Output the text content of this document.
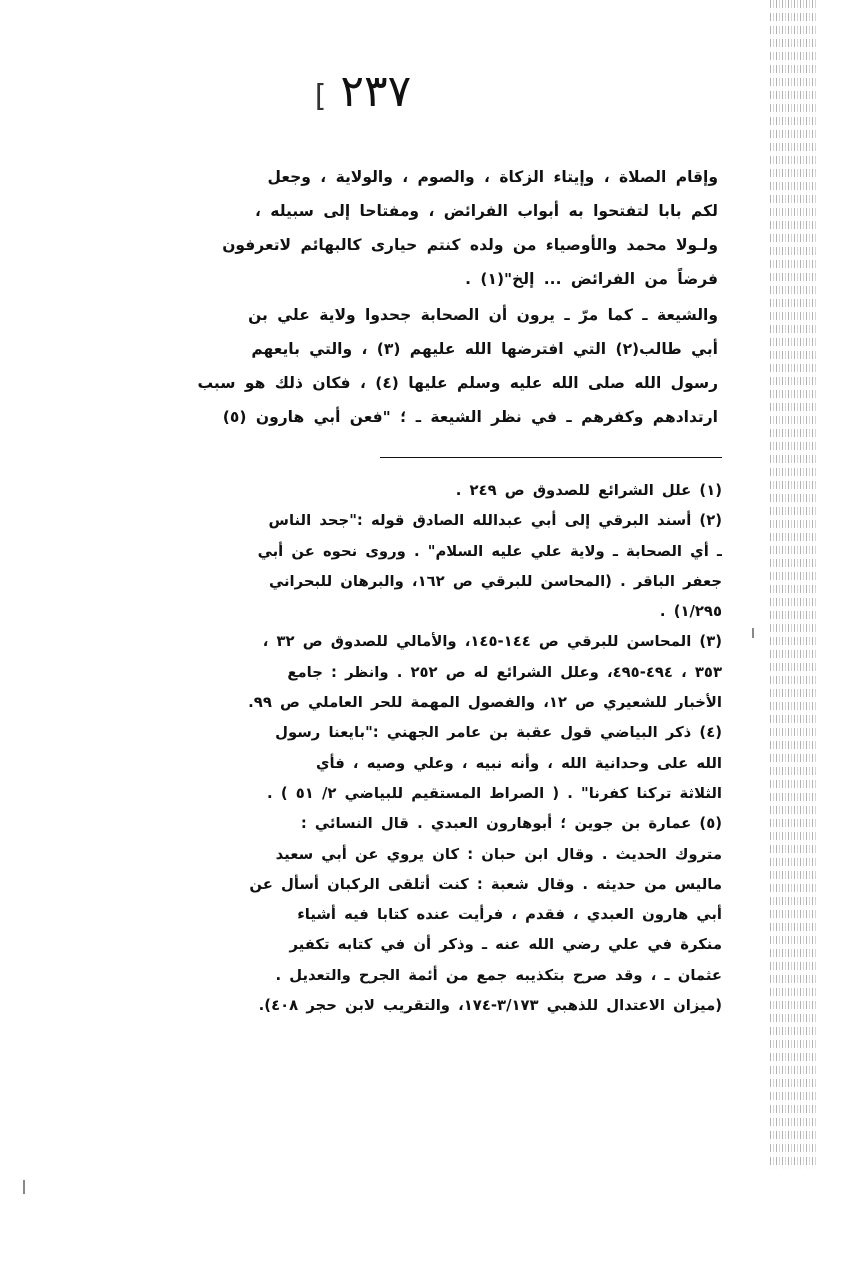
[ ٢٣٧
وإقام الصلاة ، وإيتاء الزكاة ، والصوم ، والولاية ، وجعل
لكم بابا لتفتحوا به أبواب الفرائض ، ومفتاحا إلى سبيله ،
ولـولا محمد والأوصياء من ولده كنتم حيارى كالبهائم لاتعرفون
فرضاً من الفرائض ... إلخ"(١) .
والشيعة ـ كما مرّ ـ يرون أن الصحابة جحدوا ولاية علي بن
أبي طالب(٢) التي افترضها الله عليهم (٣) ، والتي بايعهم
رسول الله صلى الله عليه وسلم عليها (٤) ، فكان ذلك هو سبب
ارتدادهم وكفرهم ـ في نظر الشيعة ـ ؛ "فعن أبي هارون (٥)
(١) علل الشرائع للصدوق ص ٢٤٩ .
(٢) أسند البرقي إلى أبي عبدالله الصادق قوله :"جحد الناس
ـ أي الصحابة ـ ولاية علي عليه السلام" . وروى نحوه عن أبي
جعفر الباقر . (المحاسن للبرقي ص ١٦٢، والبرهان للبحراني
١/٢٩٥) .
(٣) المحاسن للبرقي ص ١٤٤-١٤٥، والأمالي للصدوق ص ٣٢ ،
٣٥٣ ، ٤٩٤-٤٩٥، وعلل الشرائع له ص ٢٥٢ . وانظر : جامع
الأخبار للشعيري ص ١٢، والفصول المهمة للحر العاملي ص ٩٩.
(٤) ذكر البياضي قول عقبة بن عامر الجهني :"بايعنا رسول
الله على وحدانية الله ، وأنه نبيه ، وعلي وصيه ، فأي
الثلاثة تركنا كفرنا" . ( الصراط المستقيم للبياضي ٢/ ٥١ ) .
(٥) عمارة بن جوين ؛ أبوهارون العبدي . قال النسائي :
متروك الحديث . وقال ابن حبان : كان يروي عن أبي سعيد
ماليس من حديثه . وقال شعبة : كنت أتلقى الركبان أسأل عن
أبي هارون العبدي ، فقدم ، فرأيت عنده كتابا فيه أشياء
منكرة في علي رضي الله عنه ـ وذكر أن في كتابه تكفير
عثمان ـ ، وقد صرح بتكذيبه جمع من أئمة الجرح والتعديل .
(ميزان الاعتدال للذهبي ٣/١٧٣-١٧٤، والتقريب لابن حجر ٤٠٨).
